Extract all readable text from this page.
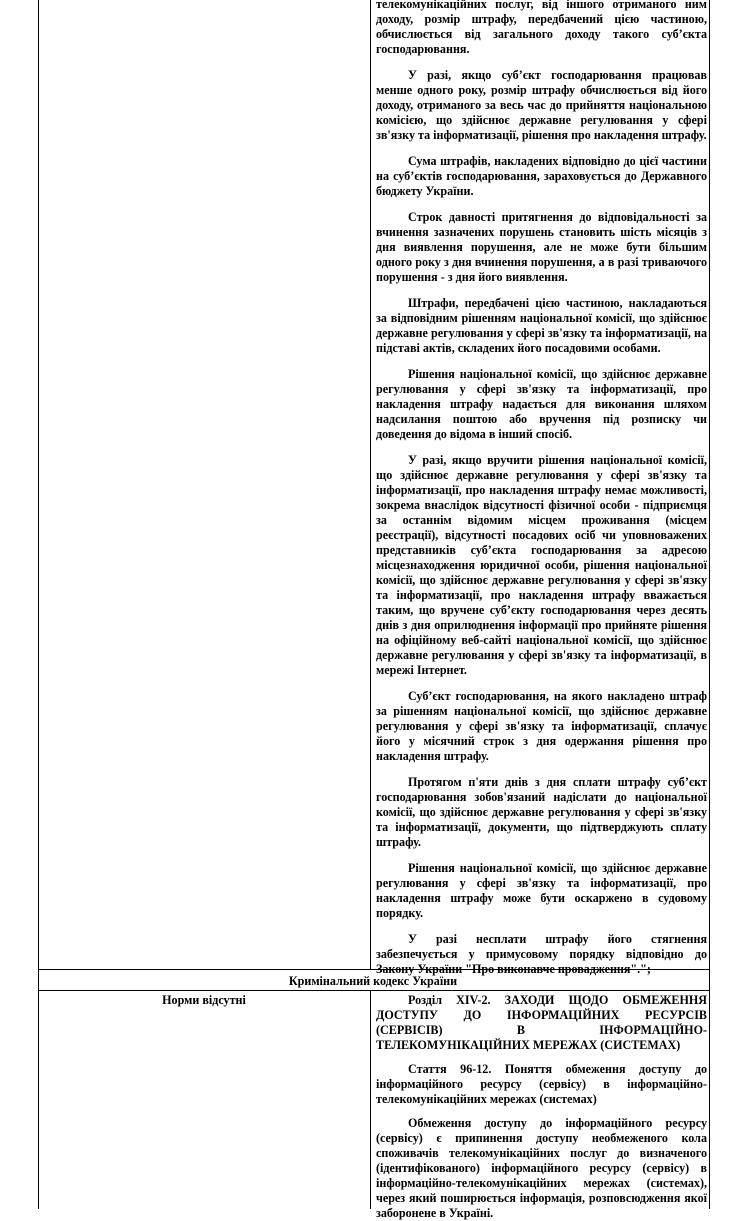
телекомунікаційних послуг, від іншого отриманого ним доходу, розмір штрафу, передбачений цією частиною, обчислюється від загального доходу такого суб’єкта господарювання.

У разі, якщо суб’єкт господарювання працював менше одного року, розмір штрафу обчислюється від його доходу, отриманого за весь час до прийняття національною комісією, що здійснює державне регулювання у сфері зв'язку та інформатизації, рішення про накладення штрафу.

Сума штрафів, накладених відповідно до цієї частини на суб’єктів господарювання, зараховується до Державного бюджету України.

Строк давності притягнення до відповідальності за вчинення зазначених порушень становить шість місяців з дня виявлення порушення, але не може бути більшим одного року з дня вчинення порушення, а в разі триваючого порушення - з дня його виявлення.

Штрафи, передбачені цією частиною, накладаються за відповідним рішенням національної комісії, що здійснює державне регулювання у сфері зв'язку та інформатизації, на підставі актів, складених його посадовими особами.

Рішення національної комісії, що здійснює державне регулювання у сфері зв'язку та інформатизації, про накладення штрафу надається для виконання шляхом надсилання поштою або вручення під розписку чи доведення до відома в інший спосіб.

У разі, якщо вручити рішення національної комісії, що здійснює державне регулювання у сфері зв'язку та інформатизації, про накладення штрафу немає можливості, зокрема внаслідок відсутності фізичної особи - підприємця за останнім відомим місцем проживання (місцем реєстрації), відсутності посадових осіб чи уповноважених представників суб’єкта господарювання за адресою місцезнаходження юридичної особи, рішення національної комісії, що здійснює державне регулювання у сфері зв'язку та інформатизації, про накладення штрафу вважається таким, що вручене суб’єкту господарювання через десять днів з дня оприлюднення інформації про прийняте рішення на офіційному веб-сайті національної комісії, що здійснює державне регулювання у сфері зв'язку та інформатизації, в мережі Інтернет.

Суб’єкт господарювання, на якого накладено штраф за рішенням національної комісії, що здійснює державне регулювання у сфері зв'язку та інформатизації, сплачує його у місячний строк з дня одержання рішення про накладення штрафу.

Протягом п'яти днів з дня сплати штрафу суб’єкт господарювання зобов'язаний надіслати до національної комісії, що здійснює державне регулювання у сфері зв'язку та інформатизації, документи, що підтверджують сплату штрафу.

Рішення національної комісії, що здійснює державне регулювання у сфері зв'язку та інформатизації, про накладення штрафу може бути оскаржено в судовому порядку.

У разі несплати штрафу його стягнення забезпечується у примусовому порядку відповідно до Закону України "Про виконавче провадження".";

Кримінальний кодекс України
Норми відсутні	Розділ XIV-2. ЗАХОДИ ЩОДО ОБМЕЖЕННЯ ДОСТУПУ ДО ІНФОРМАЦІЙНИХ РЕСУРСІВ (СЕРВІСІВ) В ІНФОРМАЦІЙНО-ТЕЛЕКОМУНІКАЦІЙНИХ МЕРЕЖАХ (СИСТЕМАХ)

Стаття 96-12. Поняття обмеження доступу до інформаційного ресурсу (сервісу) в інформаційно-телекомунікаційних мережах (системах)

Обмеження доступу до інформаційного ресурсу (сервісу) є припинення доступу необмеженого кола споживачів телекомунікаційних послуг до визначеного (ідентифікованого) інформаційного ресурсу (сервісу) в інформаційно-телекомунікаційних мережах (системах), через який поширюється інформація, розповсюдження якої заборонене в Україні.
